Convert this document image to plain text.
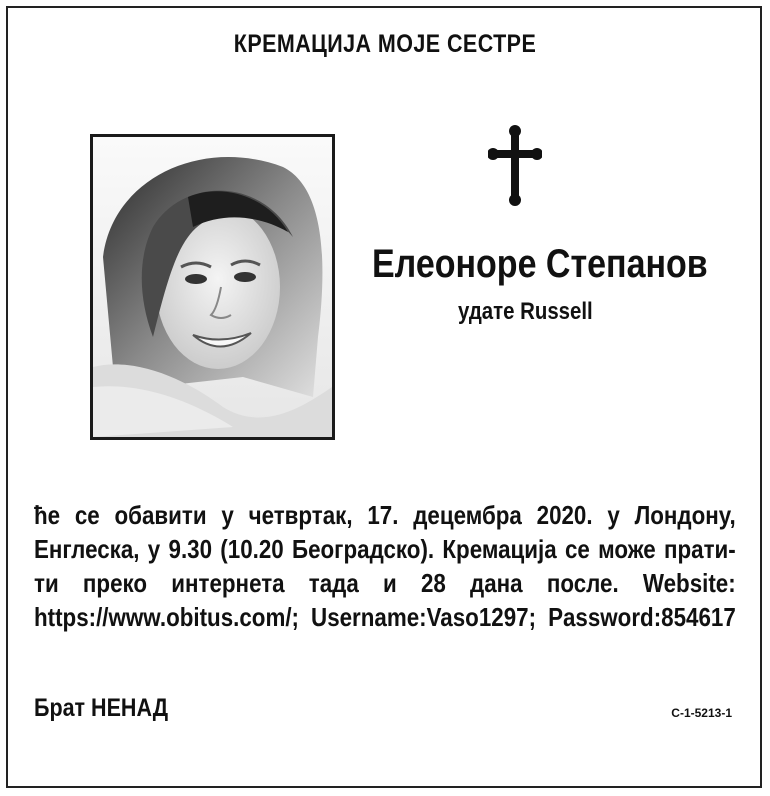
КРЕМАЦИЈА МОЈЕ СЕСТРЕ
Елеоноре Степанов
удате Russell
ће се обавити у четвртак, 17. децембра 2020. у Лондону,
Енглеска, у 9.30 (10.20 Београдско). Кремација се може прати-
ти преко интернета тада и 28 дана после. Website:
https://www.obitus.com/; Username:Vaso1297; Password:854617
Брат НЕНАД	C-1-5213-1
